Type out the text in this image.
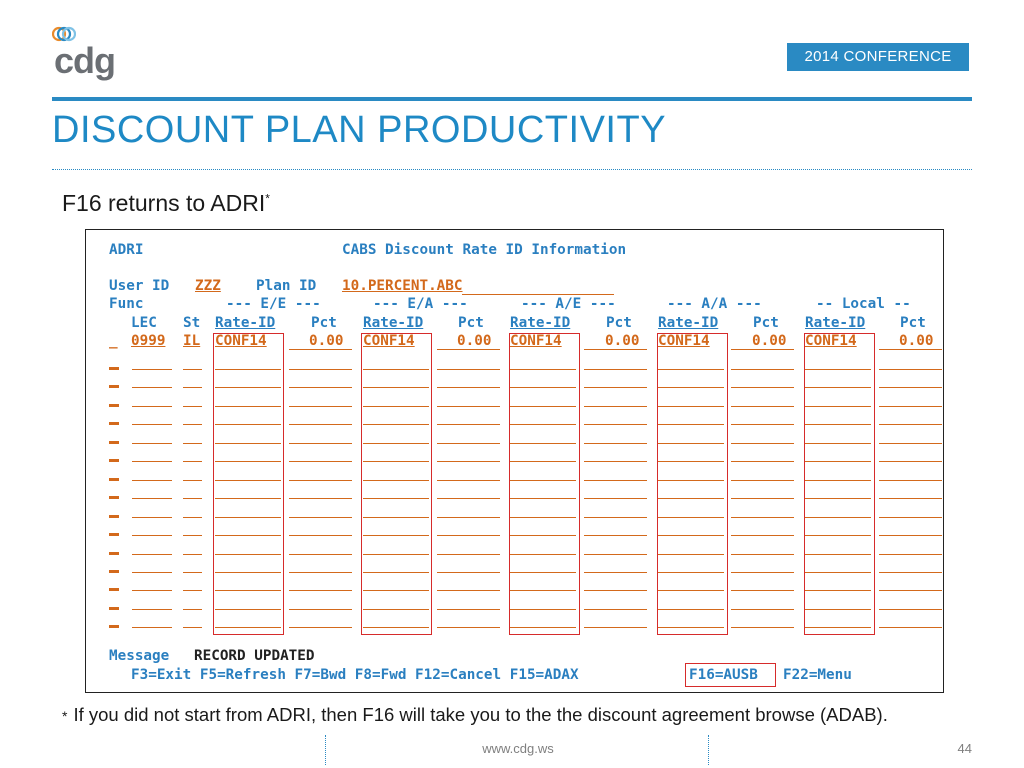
cdg	2014 CONFERENCE
DISCOUNT PLAN PRODUCTIVITY
F16 returns to ADRI*
ADRI	CABS Discount Rate ID Information
User ID ZZZ Plan ID 10.PERCENT.ABC
Func	--- E/E ---	--- E/A ---	--- A/E ---	--- A/A ---	-- Local --
LEC St Rate-ID Pct Rate-ID Pct Rate-ID Pct Rate-ID Pct Rate-ID Pct
_ 0999 IL CONF14	0.00 CONF14	0.00 CONF14	0.00 CONF14	0.00 CONF14	0.00
Message RECORD UPDATED
F3=Exit F5=Refresh F7=Bwd F8=Fwd F12=Cancel F15=ADAX	F16=AUSB F22=Menu
* If you did not start from ADRI, then F16 will take you to the the discount agreement browse (ADAB).
www.cdg.ws	44
